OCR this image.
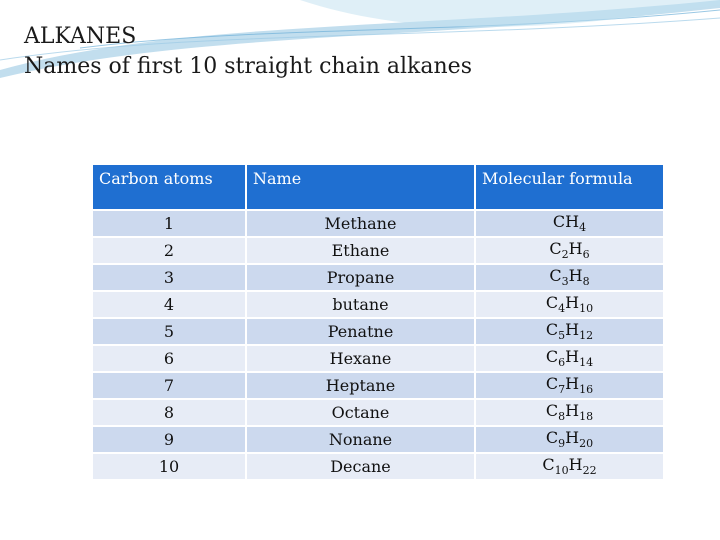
ALKANES
Names of first 10 straight chain alkanes
Carbon atoms	Name	Molecular formula
1	Methane	$CH_4$
2	Ethane	$C_2H_6$
3	Propane	$C_3H_8$
4	butane	$C_4H_{10}$
5	Penatne	$C_5H_{12}$
6	Hexane	$C_6H_{14}$
7	Heptane	$C_7H_{16}$
8	Octane	$C_8H_{18}$
9	Nonane	$C_9H_{20}$
10	Decane	$C_{10}H_{22}$
